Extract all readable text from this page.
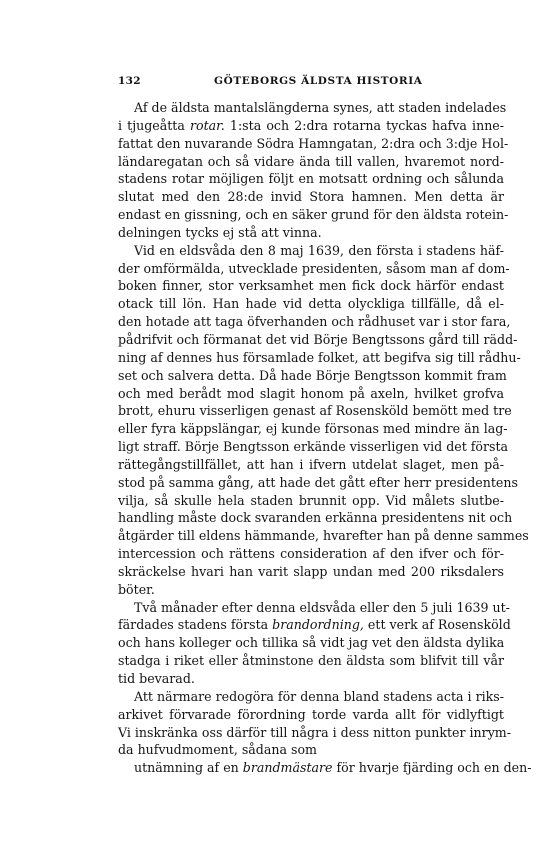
132	GÖTEBORGS ÄLDSTA HISTORIA
Af de äldsta mantalslängderna synes, att staden indelades
i tjugeåtta rotar. 1:sta och 2:dra rotarna tyckas hafva inne-
fattat den nuvarande Södra Hamngatan, 2:dra och 3:dje Hol-
ländaregatan och så vidare ända till vallen, hvaremot nord-
stadens rotar möjligen följt en motsatt ordning och sålunda
slutat med den 28:de invid Stora hamnen. Men detta är
endast en gissning, och en säker grund för den äldsta rotein-
delningen tycks ej stå att vinna.
Vid en eldsvåda den 8 maj 1639, den första i stadens häf-
der omförmälda, utvecklade presidenten, såsom man af dom-
boken finner, stor verksamhet men fick dock härför endast
otack till lön. Han hade vid detta olyckliga tillfälle, då el-
den hotade att taga öfverhanden och rådhuset var i stor fara,
pådrifvit och förmanat det vid Börje Bengtssons gård till rädd-
ning af dennes hus församlade folket, att begifva sig till rådhu-
set och salvera detta. Då hade Börje Bengtsson kommit fram
och med berådt mod slagit honom på axeln, hvilket grofva
brott, ehuru visserligen genast af Rosensköld bemött med tre
eller fyra käppslängar, ej kunde försonas med mindre än lag-
ligt straff. Börje Bengtsson erkände visserligen vid det första
rättegångstillfället, att han i ifvern utdelat slaget, men på-
stod på samma gång, att hade det gått efter herr presidentens
vilja, så skulle hela staden brunnit opp. Vid målets slutbe-
handling måste dock svaranden erkänna presidentens nit och
åtgärder till eldens hämmande, hvarefter han på denne sammes
intercession och rättens consideration af den ifver och för-
skräckelse hvari han varit slapp undan med 200 riksdalers
böter.
Två månader efter denna eldsvåda eller den 5 juli 1639 ut-
färdades stadens första brandordning, ett verk af Rosensköld
och hans kolleger och tillika så vidt jag vet den äldsta dylika
stadga i riket eller åtminstone den äldsta som blifvit till vår
tid bevarad.
Att närmare redogöra för denna bland stadens acta i riks-
arkivet förvarade förordning torde varda allt för vidlyftigt
Vi inskränka oss därför till några i dess nitton punkter inrym-
da hufvudmoment, sådana som
utnämning af en brandmästare för hvarje fjärding och en den-
